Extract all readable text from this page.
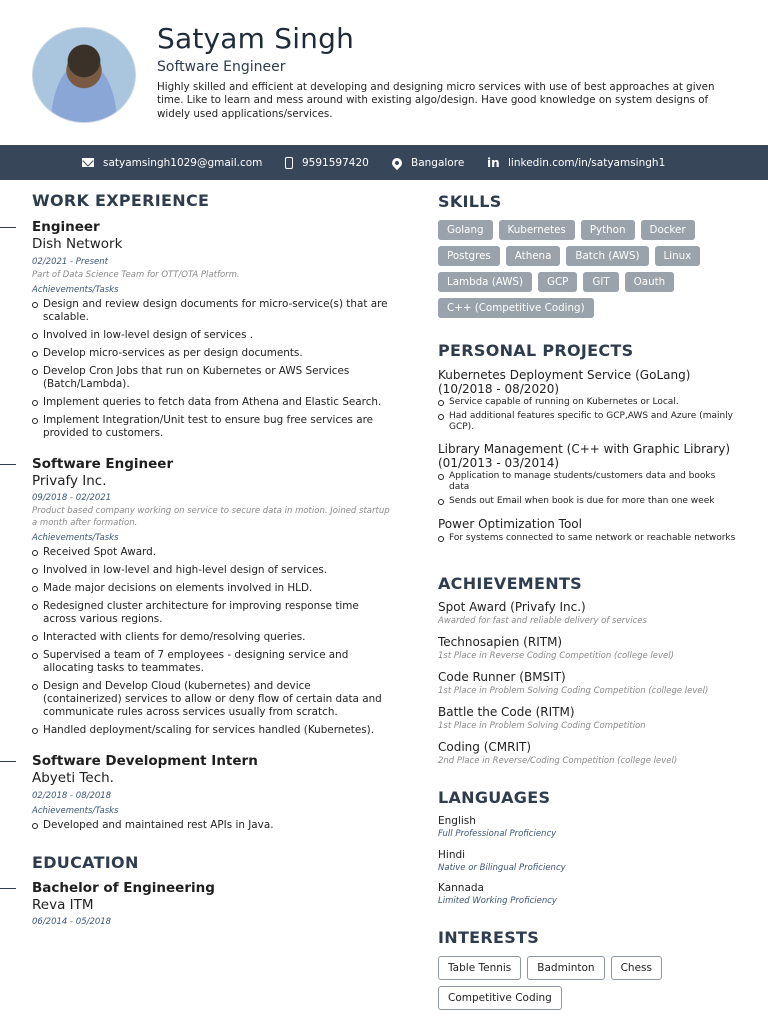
Satyam Singh
Software Engineer
Highly skilled and efficient at developing and designing micro services with use of best approaches at given time. Like to learn and mess around with existing algo/design. Have good knowledge on system designs of widely used applications/services.
satyamsingh1029@gmail.com	9591597420	Bangalore in linkedin.com/in/satyamsingh1
WORK EXPERIENCE
Engineer
Dish Network
02/2021 - Present
Part of Data Science Team for OTT/OTA Platform.
Achievements/Tasks
Design and review design documents for micro-service(s) that are scalable.
Involved in low-level design of services .
Develop micro-services as per design documents.
Develop Cron Jobs that run on Kubernetes or AWS Services (Batch/Lambda).
Implement queries to fetch data from Athena and Elastic Search.
Implement Integration/Unit test to ensure bug free services are provided to customers.
Software Engineer
Privafy Inc.
09/2018 - 02/2021
Product based company working on service to secure data in motion. Joined startup a month after formation.
Achievements/Tasks
Received Spot Award.
Involved in low-level and high-level design of services.
Made major decisions on elements involved in HLD.
Redesigned cluster architecture for improving response time across various regions.
Interacted with clients for demo/resolving queries.
Supervised a team of 7 employees - designing service and allocating tasks to teammates.
Design and Develop Cloud (kubernetes) and device (containerized) services to allow or deny flow of certain data and communicate rules across services usually from scratch.
Handled deployment/scaling for services handled (Kubernetes).
Software Development Intern
Abyeti Tech.
02/2018 - 08/2018
Achievements/Tasks
Developed and maintained rest APIs in Java.
EDUCATION
Bachelor of Engineering
Reva ITM
06/2014 - 05/2018
SKILLS
Golang	Kubernetes	Python	Docker
Postgres	Athena	Batch (AWS)	Linux
Lambda (AWS)	GCP	GIT	Oauth
C++ (Competitive Coding)
PERSONAL PROJECTS
Kubernetes Deployment Service (GoLang)
(10/2018 - 08/2020)
Service capable of running on Kubernetes or Local.
Had additional features specific to GCP,AWS and Azure (mainly GCP).
Library Management (C++ with Graphic Library)
(01/2013 - 03/2014)
Application to manage students/customers data and books data
Sends out Email when book is due for more than one week
Power Optimization Tool
For systems connected to same network or reachable networks
ACHIEVEMENTS
Spot Award (Privafy Inc.)
Awarded for fast and reliable delivery of services
Technosapien (RITM)
1st Place in Reverse Coding Competition (college level)
Code Runner (BMSIT)
1st Place in Problem Solving Coding Competition (college level)
Battle the Code (RITM)
1st Place in Problem Solving Coding Competition
Coding (CMRIT)
2nd Place in Reverse/Coding Competition (college level)
LANGUAGES
English
Full Professional Proficiency
Hindi
Native or Bilingual Proficiency
Kannada
Limited Working Proficiency
INTERESTS
Table Tennis	Badminton	Chess
Competitive Coding
